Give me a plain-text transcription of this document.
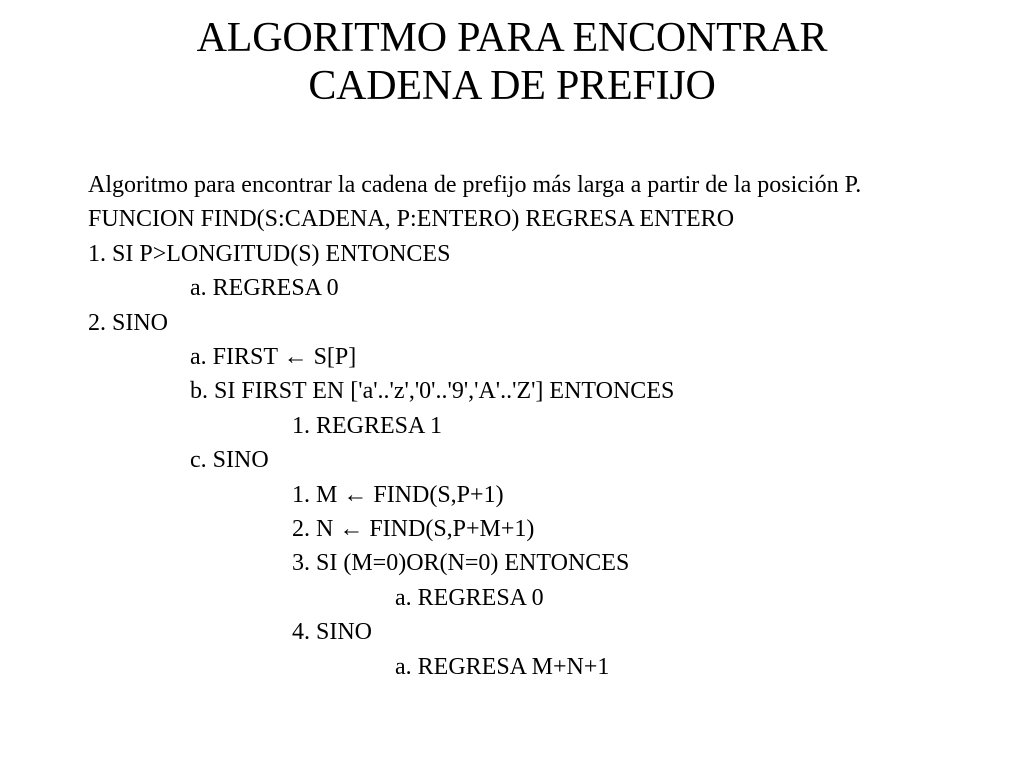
ALGORITMO PARA ENCONTRAR
CADENA DE PREFIJO

Algoritmo para encontrar la cadena de prefijo más larga a partir de la posición P.

FUNCION FIND(S:CADENA, P:ENTERO) REGRESA ENTERO
1. SI P>LONGITUD(S) ENTONCES
a. REGRESA 0
2. SINO
a. FIRST ← S[P]
b. SI FIRST EN ['a'..'z','0'..'9','A'..'Z'] ENTONCES
1. REGRESA 1
c. SINO
1. M ← FIND(S,P+1)
2. N ← FIND(S,P+M+1)
3. SI (M=0)OR(N=0) ENTONCES
a. REGRESA 0
4. SINO
a. REGRESA M+N+1
